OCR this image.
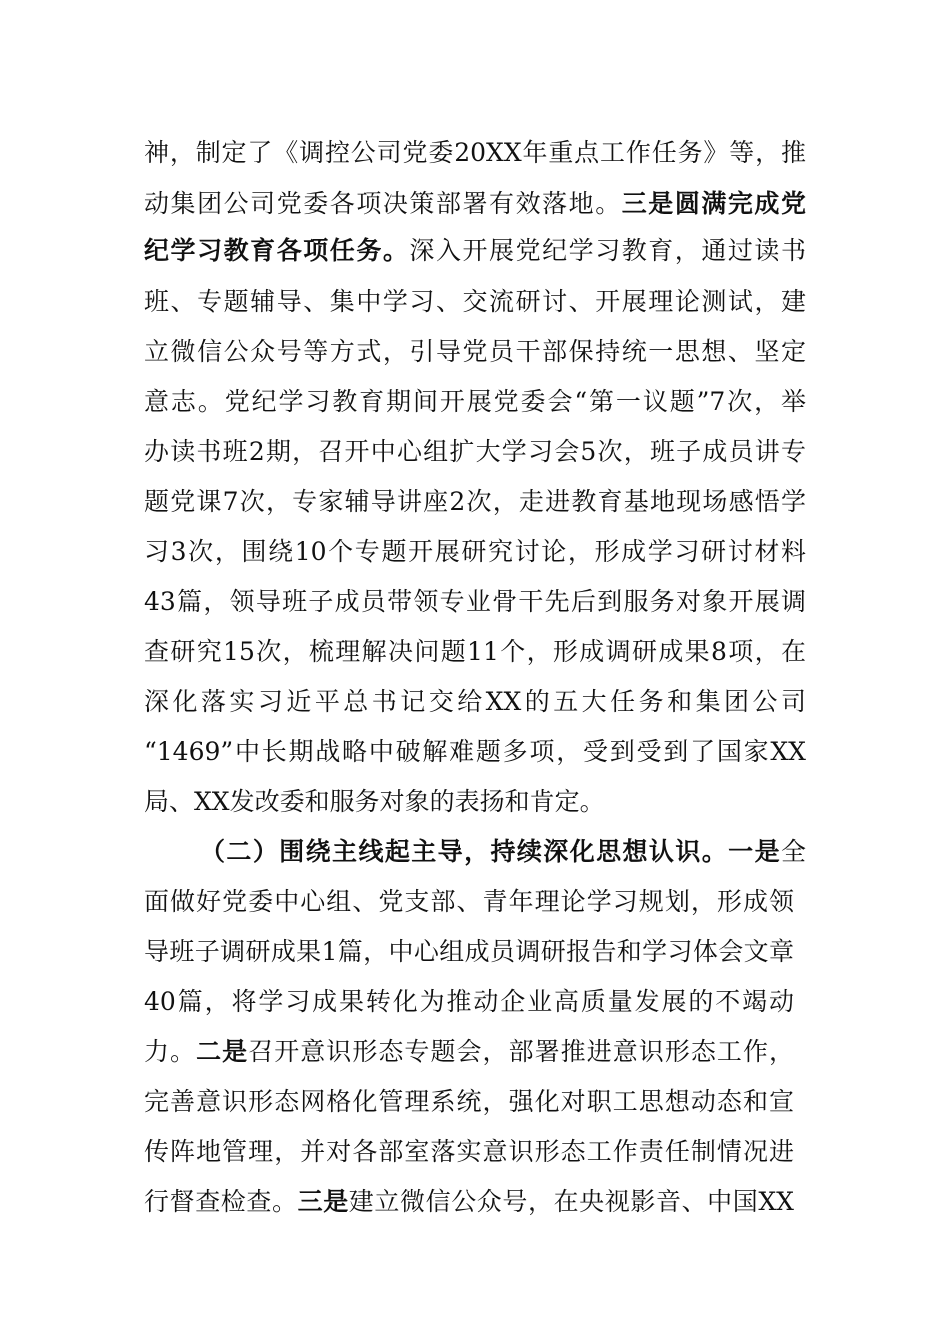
神，制定了《调控公司党委20XX年重点工作任务》等，推
动集团公司党委各项决策部署有效落地。三是圆满完成党
纪学习教育各项任务。深入开展党纪学习教育，通过读书
班、专题辅导、集中学习、交流研讨、开展理论测试，建
立微信公众号等方式，引导党员干部保持统一思想、坚定
意志。党纪学习教育期间开展党委会“第一议题”7次，举
办读书班2期，召开中心组扩大学习会5次，班子成员讲专
题党课7次，专家辅导讲座2次，走进教育基地现场感悟学
习3次，围绕10个专题开展研究讨论，形成学习研讨材料
43篇，领导班子成员带领专业骨干先后到服务对象开展调
查研究15次，梳理解决问题11个，形成调研成果8项，在
深化落实习近平总书记交给XX的五大任务和集团公司
“1469”中长期战略中破解难题多项，受到受到了国家XX
局、XX发改委和服务对象的表扬和肯定。
（二）围绕主线起主导，持续深化思想认识。一是全
面做好党委中心组、党支部、青年理论学习规划，形成领
导班子调研成果1篇，中心组成员调研报告和学习体会文章
40篇，将学习成果转化为推动企业高质量发展的不竭动
力。二是召开意识形态专题会，部署推进意识形态工作，
完善意识形态网格化管理系统，强化对职工思想动态和宣
传阵地管理，并对各部室落实意识形态工作责任制情况进
行督查检查。三是建立微信公众号，在央视影音、中国XX
